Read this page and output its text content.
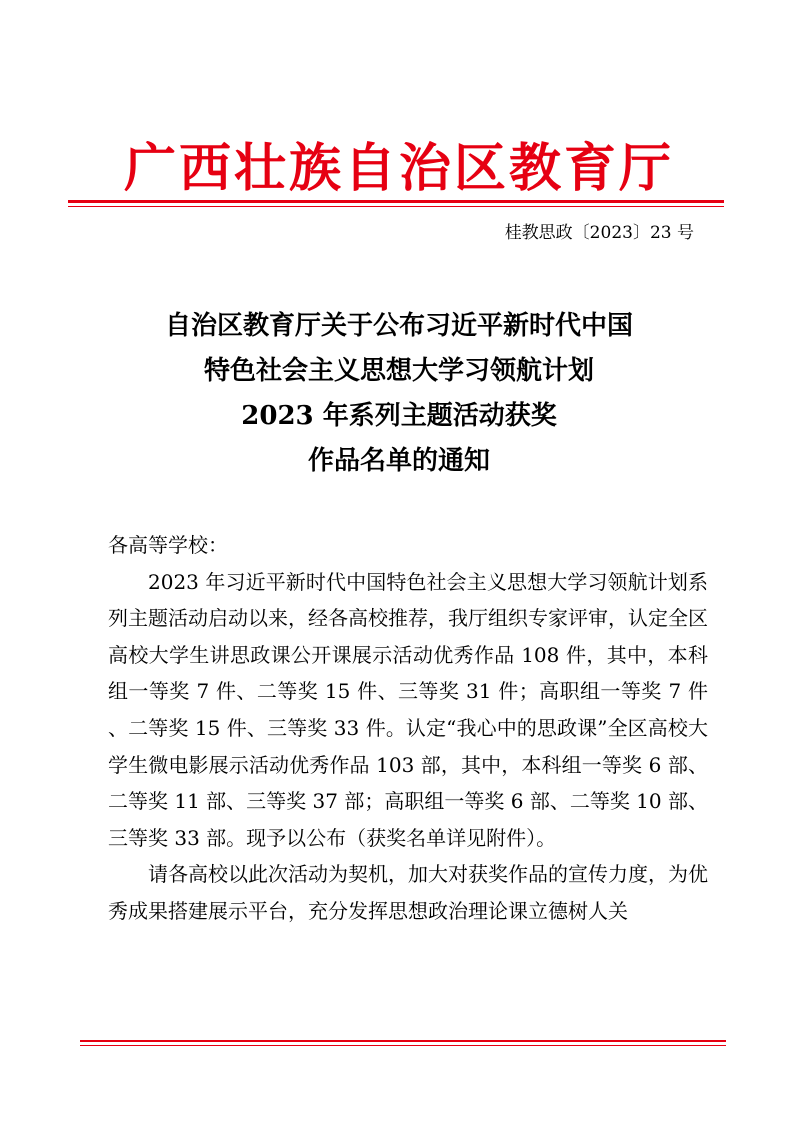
广西壮族自治区教育厅
桂教思政〔2023〕23 号
自治区教育厅关于公布习近平新时代中国
特色社会主义思想大学习领航计划
2023 年系列主题活动获奖
作品名单的通知

各高等学校：

2023 年习近平新时代中国特色社会主义思想大学习领航计划系列主题活动启动以来，经各高校推荐，我厅组织专家评审，认定全区高校大学生讲思政课公开课展示活动优秀作品 108 件，其中，本科组一等奖 7 件、二等奖 15 件、三等奖 31 件；高职组一等奖 7 件、二等奖 15 件、三等奖 33 件。认定“我心中的思政课”全区高校大学生微电影展示活动优秀作品 103 部，其中，本科组一等奖 6 部、二等奖 11 部、三等奖 37 部；高职组一等奖 6 部、二等奖 10 部、三等奖 33 部。现予以公布（获奖名单详见附件）。

请各高校以此次活动为契机，加大对获奖作品的宣传力度，为优秀成果搭建展示平台，充分发挥思想政治理论课立德树人关
